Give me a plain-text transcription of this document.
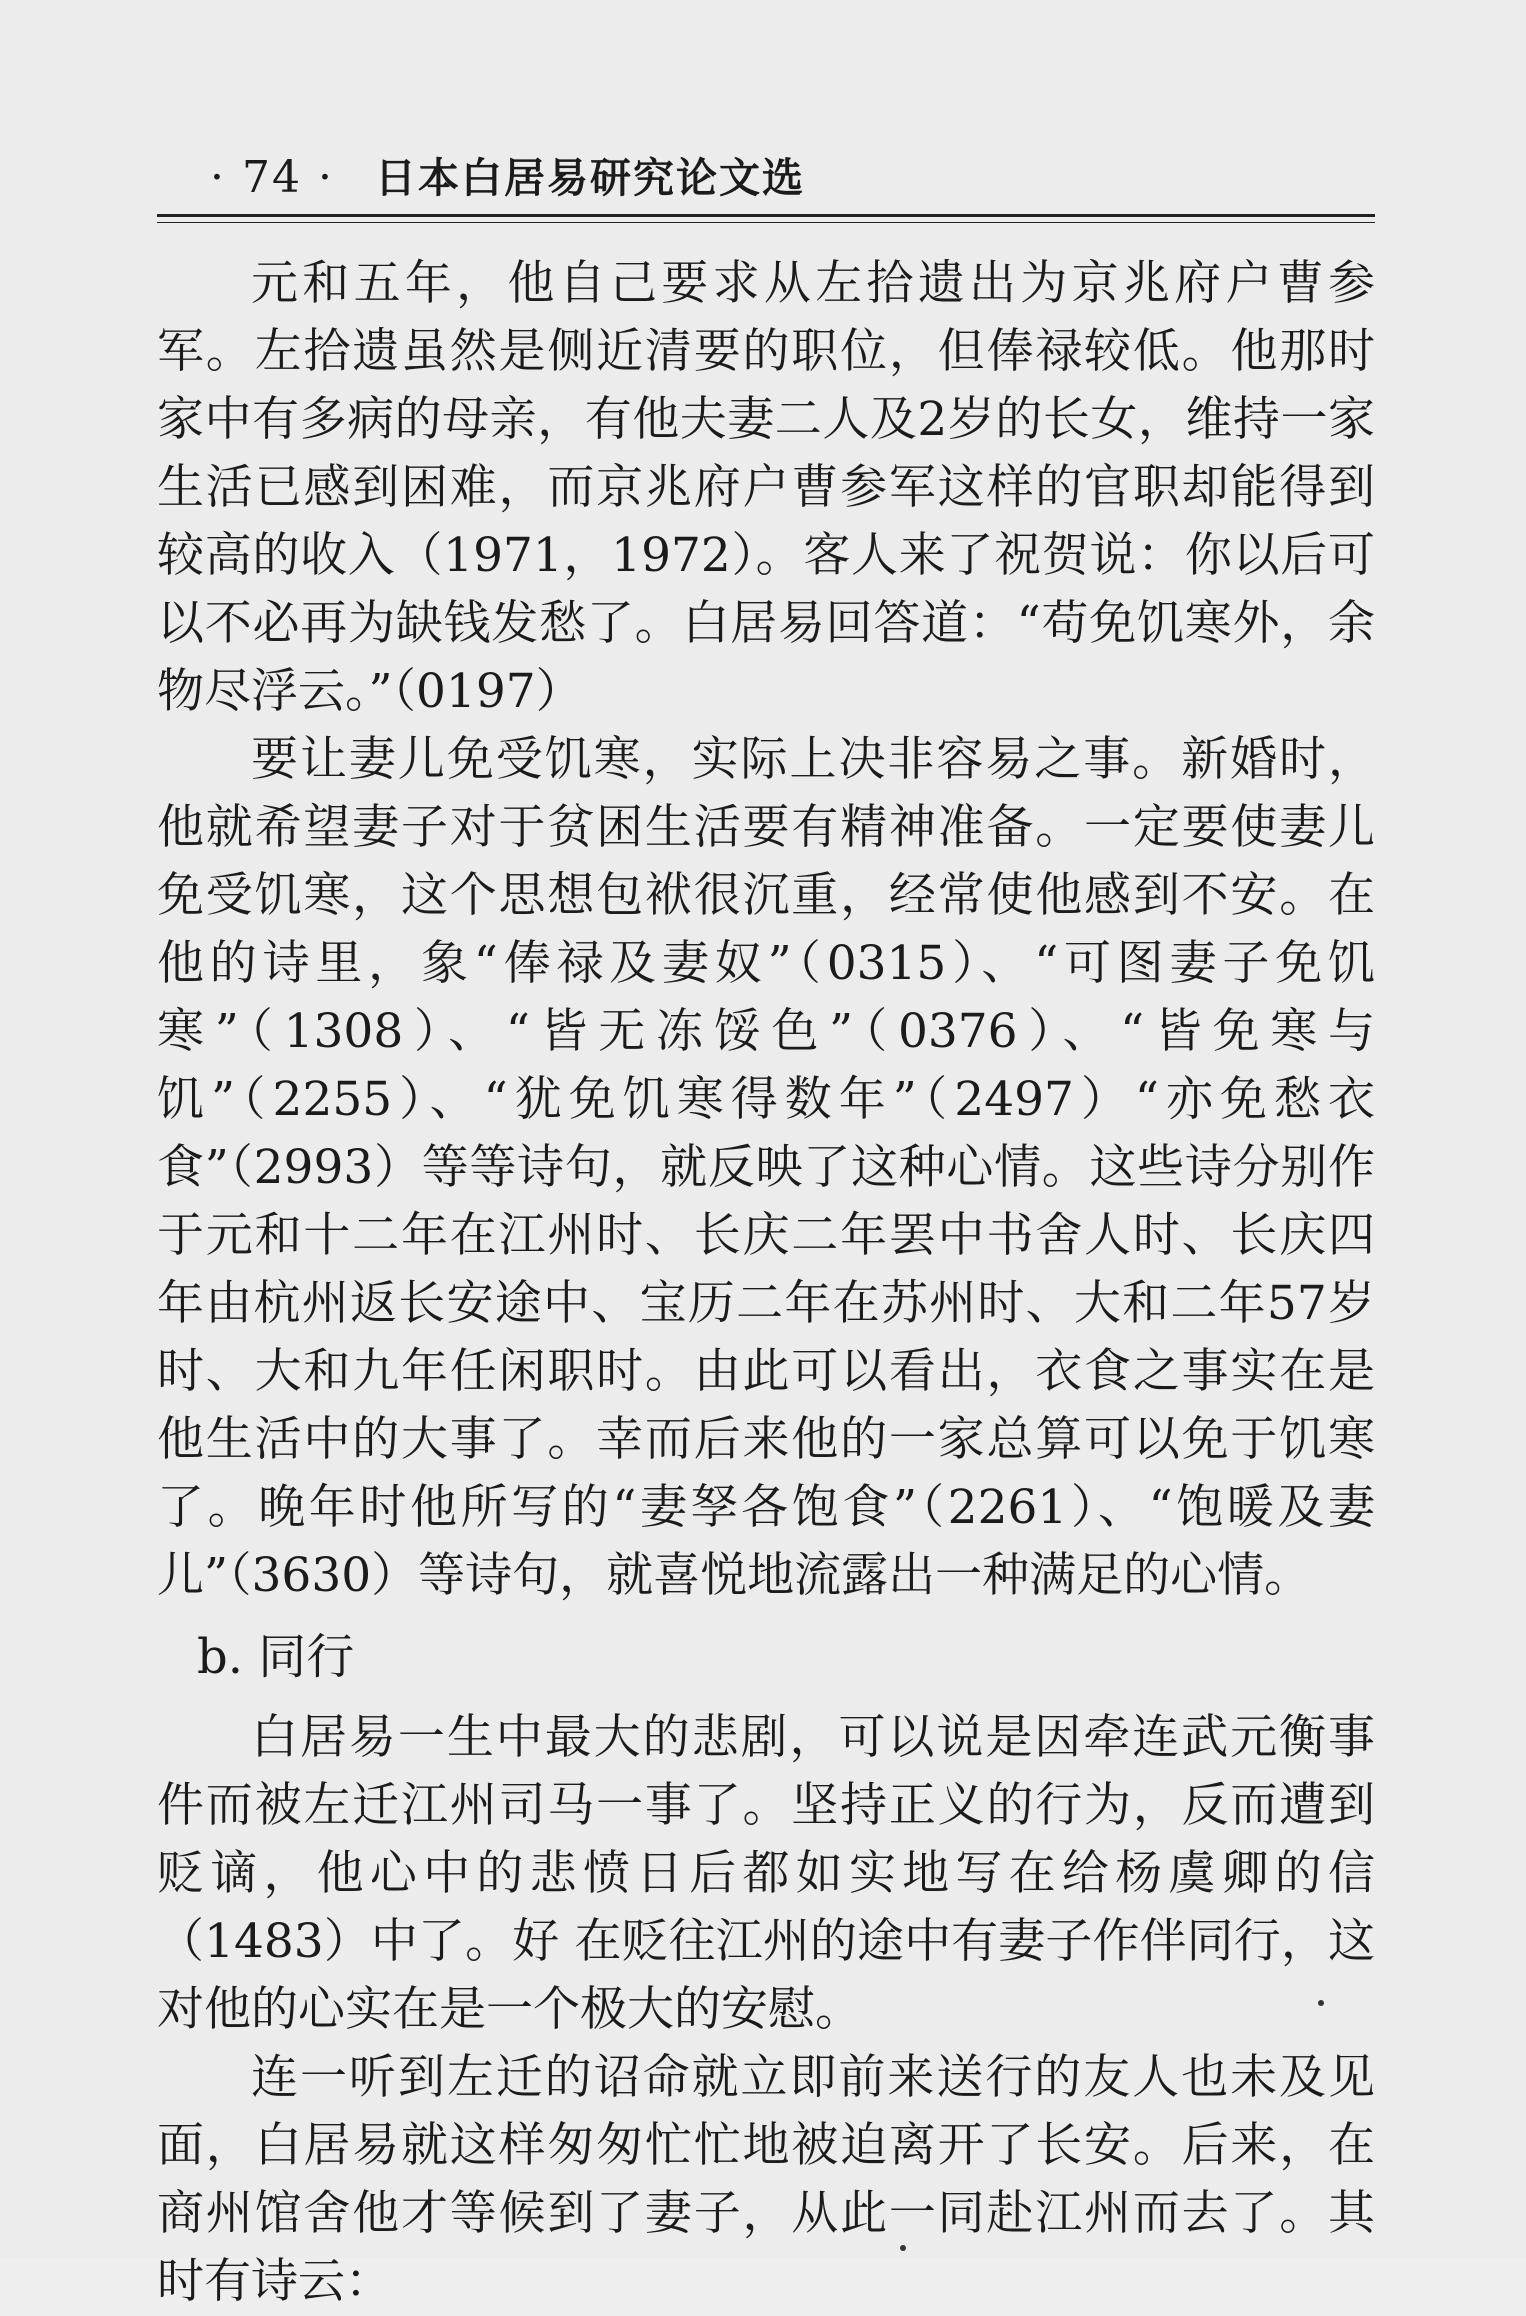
· 74 · 日本白居易研究论文选

元和五年，他自己要求从左拾遗出为京兆府户曹参军。左拾遗虽然是侧近清要的职位，但俸禄较低。他那时家中有多病的母亲，有他夫妻二人及2岁的长女，维持一家生活已感到困难，而京兆府户曹参军这样的官职却能得到较高的收入（1971，1972）。客人来了祝贺说：你以后可以不必再为缺钱发愁了。白居易回答道：“苟免饥寒外，余物尽浮云。”（0197）

要让妻儿免受饥寒，实际上决非容易之事。新婚时，他就希望妻子对于贫困生活要有精神准备。一定要使妻儿免受饥寒，这个思想包袱很沉重，经常使他感到不安。在他的诗里，象“俸禄及妻奴”（0315）、“可图妻子免饥寒”（1308）、“皆无冻馁色”（0376）、“皆免寒与饥”（2255）、“犹免饥寒得数年”（2497）“亦免愁衣食”（2993）等等诗句，就反映了这种心情。这些诗分别作于元和十二年在江州时、长庆二年罢中书舍人时、长庆四年由杭州返长安途中、宝历二年在苏州时、大和二年57岁时、大和九年任闲职时。由此可以看出，衣食之事实在是他生活中的大事了。幸而后来他的一家总算可以免于饥寒了。晚年时他所写的“妻孥各饱食”（2261）、“饱暖及妻儿”（3630）等诗句，就喜悦地流露出一种满足的心情。

b. 同行

白居易一生中最大的悲剧，可以说是因牵连武元衡事件而被左迁江州司马一事了。坚持正义的行为，反而遭到贬谪，他心中的悲愤日后都如实地写在给杨虞卿的信（1483）中了。好 在贬往江州的途中有妻子作伴同行，这对他的心实在是一个极大的安慰。

连一听到左迁的诏命就立即前来送行的友人也未及见面，白居易就这样匆匆忙忙地被迫离开了长安。后来，在商州馆舍他才等候到了妻子，从此一同赴江州而去了。其时有诗云：
